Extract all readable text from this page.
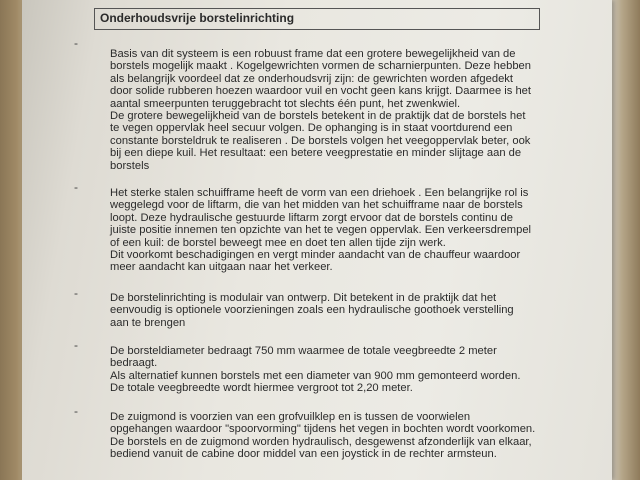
Onderhoudsvrije borstelinrichting
-
Basis van dit systeem is een robuust frame dat een grotere bewegelijkheid van de
borstels mogelijk maakt . Kogelgewrichten vormen de scharnierpunten. Deze hebben
als belangrijk voordeel dat ze onderhoudsvrij zijn: de gewrichten worden afgedekt
door solide rubberen hoezen waardoor vuil en vocht geen kans krijgt. Daarmee is het
aantal smeerpunten teruggebracht tot slechts één punt, het zwenkwiel.
De grotere bewegelijkheid van de borstels betekent in de praktijk dat de borstels het
te vegen oppervlak heel secuur volgen. De ophanging is in staat voortdurend een
constante borsteldruk te realiseren . De borstels volgen het veegoppervlak beter, ook
bij een diepe kuil. Het resultaat: een betere veegprestatie en minder slijtage aan de
borstels
-	Het sterke stalen schuifframe heeft de vorm van een driehoek . Een belangrijke rol is
weggelegd voor de liftarm, die van het midden van het schuifframe naar de borstels
loopt. Deze hydraulische gestuurde liftarm zorgt ervoor dat de borstels continu de
juiste positie innemen ten opzichte van het te vegen oppervlak. Een verkeersdrempel
of een kuil: de borstel beweegt mee en doet ten allen tijde zijn werk.
Dit voorkomt beschadigingen en vergt minder aandacht van de chauffeur waardoor
meer aandacht kan uitgaan naar het verkeer.
-	De borstelinrichting is modulair van ontwerp. Dit betekent in de praktijk dat het
eenvoudig is optionele voorzieningen zoals een hydraulische goothoek verstelling
aan te brengen
-	De borsteldiameter bedraagt 750 mm waarmee de totale veegbreedte 2 meter
bedraagt.
Als alternatief kunnen borstels met een diameter van 900 mm gemonteerd worden.
De totale veegbreedte wordt hiermee vergroot tot 2,20 meter.
-	De zuigmond is voorzien van een grofvuilklep en is tussen de voorwielen
opgehangen waardoor "spoorvorming" tijdens het vegen in bochten wordt voorkomen.
De borstels en de zuigmond worden hydraulisch, desgewenst afzonderlijk van elkaar,
bediend vanuit de cabine door middel van een joystick in de rechter armsteun.
